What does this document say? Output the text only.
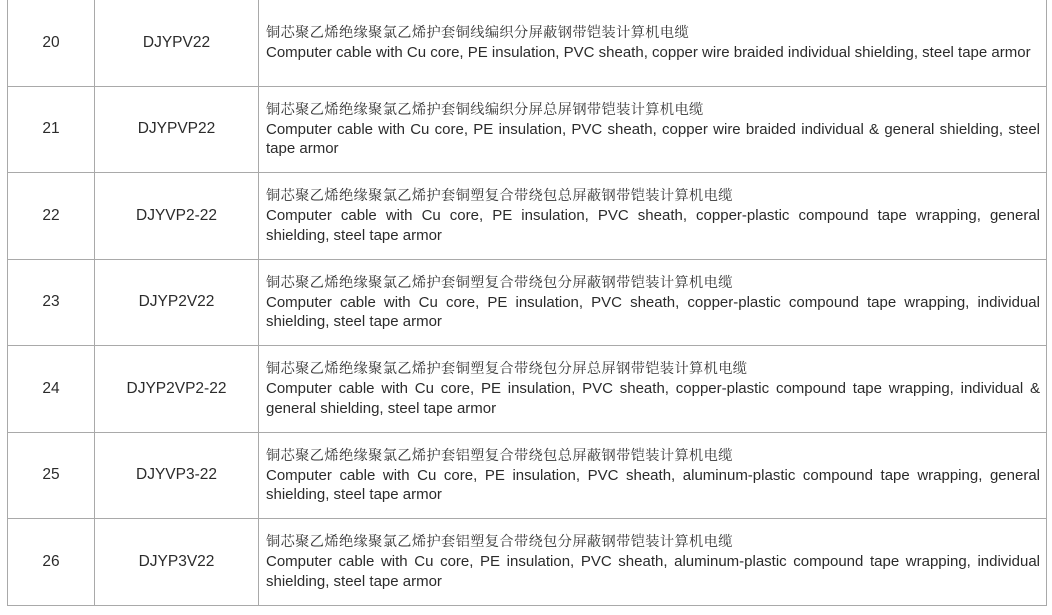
20	DJYPV22	铜芯聚乙烯绝缘聚氯乙烯护套铜线编织分屏蔽钢带铠装计算机电缆
Computer cable with Cu core, PE insulation, PVC sheath, copper wire braided individual shielding, steel tape armor

21	DJYPVP22	铜芯聚乙烯绝缘聚氯乙烯护套铜线编织分屏总屏钢带铠装计算机电缆
Computer cable with Cu core, PE insulation, PVC sheath, copper wire braided individual & general shielding, steel tape armor

22	DJYVP2-22	铜芯聚乙烯绝缘聚氯乙烯护套铜塑复合带绕包总屏蔽钢带铠装计算机电缆
Computer cable with Cu core, PE insulation, PVC sheath, copper-plastic compound tape wrapping, general shielding, steel tape armor

23	DJYP2V22	铜芯聚乙烯绝缘聚氯乙烯护套铜塑复合带绕包分屏蔽钢带铠装计算机电缆
Computer cable with Cu core, PE insulation, PVC sheath, copper-plastic compound tape wrapping, individual shielding, steel tape armor

24	DJYP2VP2-22	铜芯聚乙烯绝缘聚氯乙烯护套铜塑复合带绕包分屏总屏钢带铠装计算机电缆
Computer cable with Cu core, PE insulation, PVC sheath, copper-plastic compound tape wrapping, individual & general shielding, steel tape armor

25	DJYVP3-22	铜芯聚乙烯绝缘聚氯乙烯护套铝塑复合带绕包总屏蔽钢带铠装计算机电缆
Computer cable with Cu core, PE insulation, PVC sheath, aluminum-plastic compound tape wrapping, general shielding, steel tape armor

26	DJYP3V22	铜芯聚乙烯绝缘聚氯乙烯护套铝塑复合带绕包分屏蔽钢带铠装计算机电缆
Computer cable with Cu core, PE insulation, PVC sheath, aluminum-plastic compound tape wrapping, individual shielding, steel tape armor
